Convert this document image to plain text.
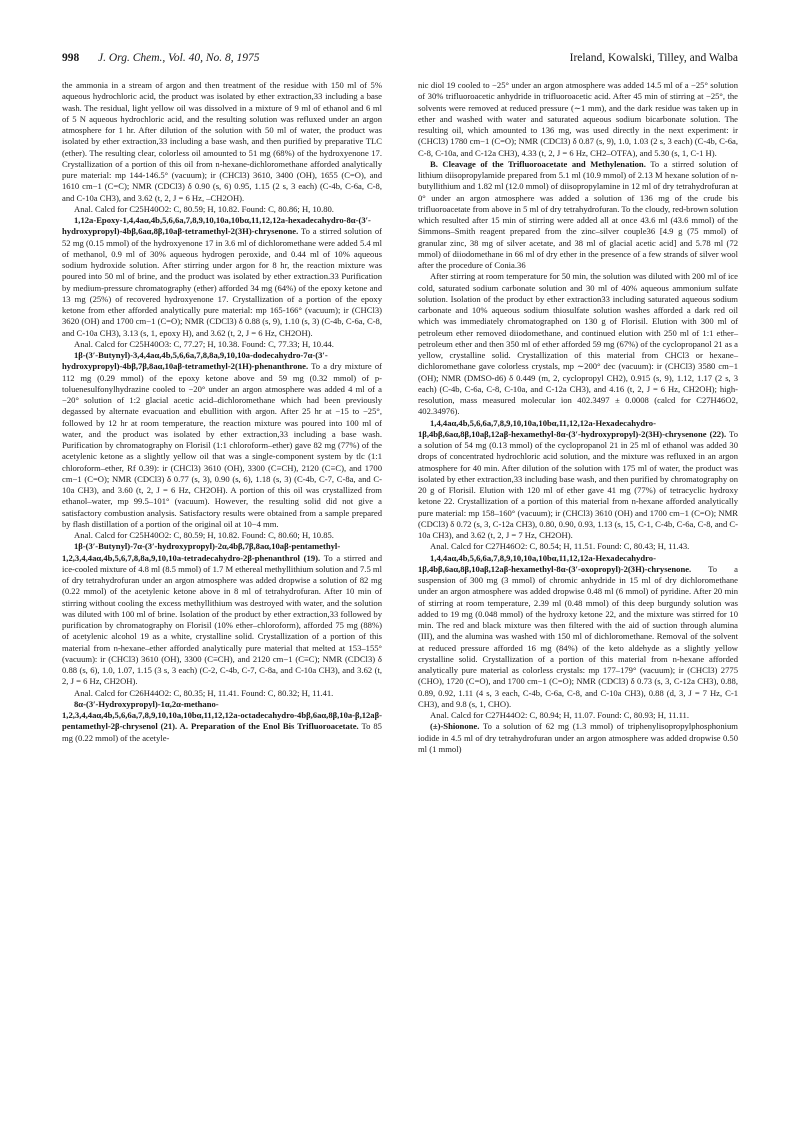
998 J. Org. Chem., Vol. 40, No. 8, 1975	Ireland, Kowalski, Tilley, and Walba

the ammonia in a stream of argon and then treatment of the residue with 150 ml of 5% aqueous hydrochloric acid, the product was isolated by ether extraction,33 including a base wash. The residual, light yellow oil was dissolved in a mixture of 9 ml of ethanol and 6 ml of 5 N aqueous hydrochloric acid, and the resulting solution was refluxed under an argon atmosphere for 1 hr. After dilution of the solution with 50 ml of water, the product was isolated by ether extraction,33 including a base wash, and then purified by preparative TLC (ether). The resulting clear, colorless oil amounted to 51 mg (68%) of the hydroxyenone 17. Crystallization of a portion of this oil from n-hexane-dichloromethane afforded analytically pure material: mp 144-146.5° (vacuum); ir (CHCl3) 3610, 3400 (OH), 1655 (C=O), and 1610 cm−1 (C=C); NMR (CDCl3) δ 0.90 (s, 6) 0.95, 1.15 (2 s, 3 each) (C-4b, C-6a, C-8, and C-10a CH3), and 3.62 (t, 2, J = 6 Hz, –CH2OH).

Anal. Calcd for C25H40O2: C, 80.59; H, 10.82. Found: C, 80.86; H, 10.80.

1,12a-Epoxy-1,4,4aα,4b,5,6,6a,7,8,9,10,10a,10bα,11,12,12a-hexadecahydro-8α-(3′-hydroxypropyl)-4bβ,6aα,8β,10aβ-tetramethyl-2(3H)-chrysenone. To a stirred solution of 52 mg (0.15 mmol) of the hydroxyenone 17 in 3.6 ml of dichloromethane were added 5.4 ml of methanol, 0.9 ml of 30% aqueous hydrogen peroxide, and 0.44 ml of 10% aqueous sodium hydroxide solution. After stirring under argon for 8 hr, the reaction mixture was poured into 50 ml of brine, and the product was isolated by ether extraction.33 Purification by medium-pressure chromatography (ether) afforded 34 mg (64%) of the epoxy ketone and 13 mg (25%) of recovered hydroxyenone 17. Crystallization of a portion of the epoxy ketone from ether afforded analytically pure material: mp 165-166° (vacuum); ir (CHCl3) 3620 (OH) and 1700 cm−1 (C=O); NMR (CDCl3) δ 0.88 (s, 9), 1.10 (s, 3) (C-4b, C-6a, C-8, and C-10a CH3), 3.13 (s, 1, epoxy H), and 3.62 (t, 2, J = 6 Hz, CH2OH).

Anal. Calcd for C25H40O3: C, 77.27; H, 10.38. Found: C, 77.33; H, 10.44.

1β-(3′-Butynyl)-3,4,4aα,4b,5,6,6a,7,8,8a,9,10,10a-dodecahydro-7α-(3′-hydroxypropyl)-4bβ,7β,8aα,10aβ-tetramethyl-2(1H)-phenanthrone. To a dry mixture of 112 mg (0.29 mmol) of the epoxy ketone above and 59 mg (0.32 mmol) of p-toluenesulfonylhydrazine cooled to −20° under an argon atmosphere was added 4 ml of a −20° solution of 1:2 glacial acetic acid–dichloromethane which had been previously degassed by alternate evacuation and ebullition with argon. After 25 hr at −15 to −25°, followed by 12 hr at room temperature, the reaction mixture was poured into 100 ml of water, and the product was isolated by ether extraction,33 including a base wash. Purification by chromatography on Florisil (1:1 chloroform–ether) gave 82 mg (77%) of the acetylenic ketone as a slightly yellow oil that was a single-component system by tlc (1:1 chloroform–ether, Rf 0.39): ir (CHCl3) 3610 (OH), 3300 (C≡CH), 2120 (C≡C), and 1700 cm−1 (C=O); NMR (CDCl3) δ 0.77 (s, 3), 0.90 (s, 6), 1.18 (s, 3) (C-4b, C-7, C-8a, and C-10a CH3), and 3.60 (t, 2, J = 6 Hz, CH2OH). A portion of this oil was crystallized from ethanol–water, mp 99.5–101° (vacuum). However, the resulting solid did not give a satisfactory combustion analysis. Satisfactory results were obtained from a sample prepared by flash distillation of a portion of the original oil at 10−4 mm.

Anal. Calcd for C25H40O2: C, 80.59; H, 10.82. Found: C, 80.60; H, 10.85.

1β-(3′-Butynyl)-7α-(3′-hydroxypropyl)-2α,4bβ,7β,8aα,10aβ-pentamethyl-1,2,3,4,4aα,4b,5,6,7,8,8a,9,10,10a-tetradecahydro-2β-phenanthrol (19). To a stirred and ice-cooled mixture of 4.8 ml (8.5 mmol) of 1.7 M ethereal methyllithium solution and 7.5 ml of dry tetrahydrofuran under an argon atmosphere was added dropwise a solution of 82 mg (0.22 mmol) of the acetylenic ketone above in 8 ml of tetrahydrofuran. After 10 min of stirring without cooling the excess methyllithium was destroyed with water, and the solution was diluted with 100 ml of brine. Isolation of the product by ether extraction,33 followed by purification by chromatography on Florisil (10% ether–chloroform), afforded 75 mg (88%) of acetylenic alcohol 19 as a white, crystalline solid. Crystallization of a portion of this material from n-hexane–ether afforded analytically pure material that melted at 153–155° (vacuum): ir (CHCl3) 3610 (OH), 3300 (C≡CH), and 2120 cm−1 (C≡C); NMR (CDCl3) δ 0.88 (s, 6), 1.0, 1.07, 1.15 (3 s, 3 each) (C-2, C-4b, C-7, C-8a, and C-10a CH3), and 3.62 (t, 2, J = 6 Hz, CH2OH).

Anal. Calcd for C26H44O2: C, 80.35; H, 11.41. Found: C, 80.32; H, 11.41.

8α-(3′-Hydroxypropyl)-1α,2α-methano-1,2,3,4,4aα,4b,5,6,6a,7,8,9,10,10a,10bα,11,12,12a-octadecahydro-4bβ,6aα,8β,10a-β,12aβ-pentamethyl-2β-chrysenol (21). A. Preparation of the Enol Bis Trifluoroacetate. To 85 mg (0.22 mmol) of the acetyle-

nic diol 19 cooled to −25° under an argon atmosphere was added 14.5 ml of a −25° solution of 30% trifluoroacetic anhydride in trifluoroacetic acid. After 45 min of stirring at −25°, the solvents were removed at reduced pressure (∼1 mm), and the dark residue was taken up in ether and washed with water and saturated aqueous sodium bicarbonate solution. The resulting oil, which amounted to 136 mg, was used directly in the next experiment: ir (CHCl3) 1780 cm−1 (C=O); NMR (CDCl3) δ 0.87 (s, 9), 1.0, 1.03 (2 s, 3 each) (C-4b, C-6a, C-8, C-10a, and C-12a CH3), 4.33 (t, 2, J = 6 Hz, CH2–OTFA), and 5.30 (s, 1, C-1 H).

B. Cleavage of the Trifluoroacetate and Methylenation. To a stirred solution of lithium diisopropylamide prepared from 5.1 ml (10.9 mmol) of 2.13 M hexane solution of n-butyllithium and 1.82 ml (12.0 mmol) of diisopropylamine in 12 ml of dry tetrahydrofuran at 0° under an argon atmosphere was added a solution of 136 mg of the crude bis trifluoroacetate from above in 5 ml of dry tetrahydrofuran. To the cloudy, red-brown solution which resulted after 15 min of stirring were added all at once 43.6 ml (43.6 mmol) of the Simmons–Smith reagent prepared from the zinc–silver couple36 [4.9 g (75 mmol) of granular zinc, 38 mg of silver acetate, and 38 ml of glacial acetic acid] and 5.78 ml (72 mmol) of diiodomethane in 66 ml of dry ether in the presence of a few strands of silver wool after the procedure of Conia.36

After stirring at room temperature for 50 min, the solution was diluted with 200 ml of ice cold, saturated sodium carbonate solution and 30 ml of 40% aqueous ammonium sulfate solution. Isolation of the product by ether extraction33 including saturated aqueous sodium carbonate and 10% aqueous sodium thiosulfate solution washes afforded a dark red oil which was immediately chromatographed on 130 g of Florisil. Elution with 300 ml of petroleum ether removed diiodomethane, and continued elution with 250 ml of 1:1 ether–petroleum ether and then 350 ml of ether afforded 59 mg (67%) of the cyclopropanol 21 as a yellow, crystalline solid. Crystallization of this material from CHCl3 or hexane–dichloromethane gave colorless crystals, mp ∼200° dec (vacuum): ir (CHCl3) 3580 cm−1 (OH); NMR (DMSO-d6) δ 0.449 (m, 2, cyclopropyl CH2), 0.915 (s, 9), 1.12, 1.17 (2 s, 3 each) (C-4b, C-6a, C-8, C-10a, and C-12a CH3), and 4.16 (t, 2, J = 6 Hz, CH2OH); high-resolution, mass measured molecular ion 402.3497 ± 0.0008 (calcd for C27H46O2, 402.34976).

1,4,4aα,4b,5,6,6a,7,8,9,10,10a,10bα,11,12,12a-Hexadecahydro-1β,4bβ,6aα,8β,10aβ,12aβ-hexamethyl-8α-(3′-hydroxypropyl)-2(3H)-chrysenone (22). To a solution of 54 mg (0.13 mmol) of the cyclopropanol 21 in 25 ml of ethanol was added 30 drops of concentrated hydrochloric acid solution, and the mixture was refluxed in an argon atmosphere for 40 min. After dilution of the solution with 175 ml of water, the product was isolated by ether extraction,33 including base wash, and then purified by chromatography on 20 g of Florisil. Elution with 120 ml of ether gave 41 mg (77%) of tetracyclic hydroxy ketone 22. Crystallization of a portion of this material from n-hexane afforded analytically pure material: mp 158–160° (vacuum); ir (CHCl3) 3610 (OH) and 1700 cm−1 (C=O); NMR (CDCl3) δ 0.72 (s, 3, C-12a CH3), 0.80, 0.90, 0.93, 1.13 (s, 15, C-1, C-4b, C-6a, C-8, and C-10a CH3), and 3.62 (t, 2, J = 7 Hz, CH2OH).

Anal. Calcd for C27H46O2: C, 80.54; H, 11.51. Found: C, 80.43; H, 11.43.

1,4,4aα,4b,5,6,6a,7,8,9,10,10a,10bα,11,12,12a-Hexadecahydro-1β,4bβ,6aα,8β,10aβ,12aβ-hexamethyl-8α-(3′-oxopropyl)-2(3H)-chrysenone. To a suspension of 300 mg (3 mmol) of chromic anhydride in 15 ml of dry dichloromethane under an argon atmosphere was added dropwise 0.48 ml (6 mmol) of pyridine. After 20 min of stirring at room temperature, 2.39 ml (0.48 mmol) of this deep burgundy solution was added to 19 mg (0.048 mmol) of the hydroxy ketone 22, and the mixture was stirred for 10 min. The red and black mixture was then filtered with the aid of suction through alumina (III), and the alumina was washed with 150 ml of dichloromethane. Removal of the solvent at reduced pressure afforded 16 mg (84%) of the keto aldehyde as a slightly yellow crystalline solid. Crystallization of a portion of this material from n-hexane afforded analytically pure material as colorless crystals: mp 177–179° (vacuum); ir (CHCl3) 2775 (CHO), 1720 (C=O), and 1700 cm−1 (C=O); NMR (CDCl3) δ 0.73 (s, 3, C-12a CH3), 0.88, 0.89, 0.92, 1.11 (4 s, 3 each, C-4b, C-6a, C-8, and C-10a CH3), 0.88 (d, 3, J = 7 Hz, C-1 CH3), and 9.8 (s, 1, CHO).

Anal. Calcd for C27H44O2: C, 80.94; H, 11.07. Found: C, 80.93; H, 11.11.

(±)-Shionone. To a solution of 62 mg (1.3 mmol) of triphenylisopropylphosphonium iodide in 4.5 ml of dry tetrahydrofuran under an argon atmosphere was added dropwise 0.50 ml (1 mmol)
